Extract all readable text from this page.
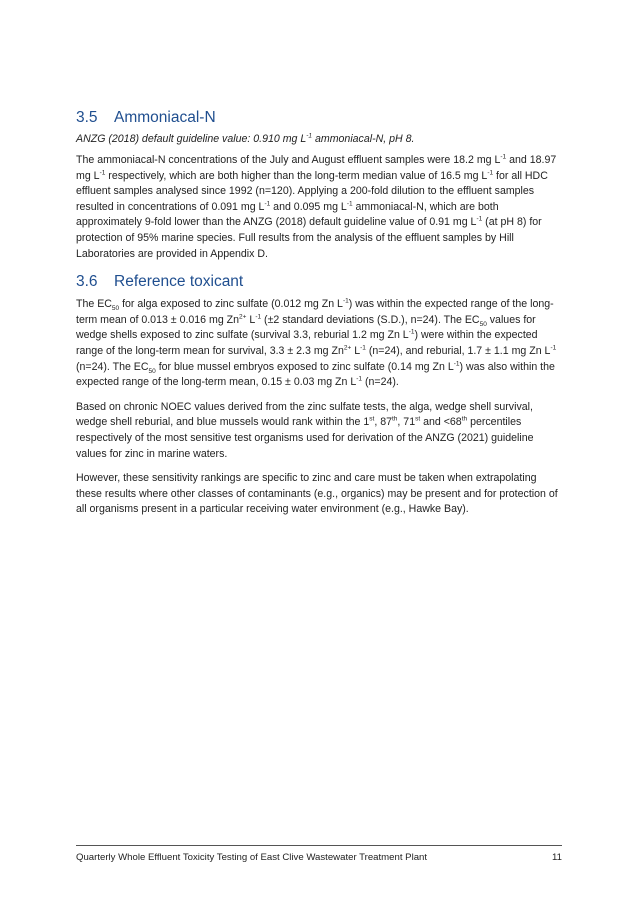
3.5	Ammoniacal-N
ANZG (2018) default guideline value: 0.910 mg $L^{-1}$ ammoniacal-N, pH 8.

The ammoniacal-N concentrations of the July and August effluent samples were 18.2 mg $L^{-1}$ and 18.97 mg $L^{-1}$ respectively, which are both higher than the long-term median value of 16.5 mg $L^{-1}$ for all HDC effluent samples analysed since 1992 (n=120). Applying a 200-fold dilution to the effluent samples resulted in concentrations of 0.091 mg $L^{-1}$ and 0.095 mg $L^{-1}$ ammoniacal-N, which are both approximately 9-fold lower than the ANZG (2018) default guideline value of 0.91 mg $L^{-1}$ (at pH 8) for protection of 95% marine species. Full results from the analysis of the effluent samples by Hill Laboratories are provided in Appendix D.

3.6	Reference toxicant

The $EC_{50}$ for alga exposed to zinc sulfate (0.012 mg Zn $L^{-1}$) was within the expected range of the long-term mean of 0.013 ± 0.016 mg $Zn^{2+}$ $L^{-1}$ (±2 standard deviations (S.D.), n=24). The $EC_{50}$ values for wedge shells exposed to zinc sulfate (survival 3.3, reburial 1.2 mg Zn $L^{-1}$) were within the expected range of the long-term mean for survival, 3.3 ± 2.3 mg $Zn^{2+}$ $L^{-1}$ (n=24), and reburial, 1.7 ± 1.1 mg Zn $L^{-1}$ (n=24). The $EC_{50}$ for blue mussel embryos exposed to zinc sulfate (0.14 mg Zn $L^{-1}$) was also within the expected range of the long-term mean, 0.15 ± 0.03 mg Zn $L^{-1}$ (n=24).

Based on chronic NOEC values derived from the zinc sulfate tests, the alga, wedge shell survival, wedge shell reburial, and blue mussels would rank within the 1st, 87th, 71st and <68th percentiles respectively of the most sensitive test organisms used for derivation of the ANZG (2021) guideline values for zinc in marine waters.

However, these sensitivity rankings are specific to zinc and care must be taken when extrapolating these results where other classes of contaminants (e.g., organics) may be present and for protection of all organisms present in a particular receiving water environment (e.g., Hawke Bay).

Quarterly Whole Effluent Toxicity Testing of East Clive Wastewater Treatment Plant	11
